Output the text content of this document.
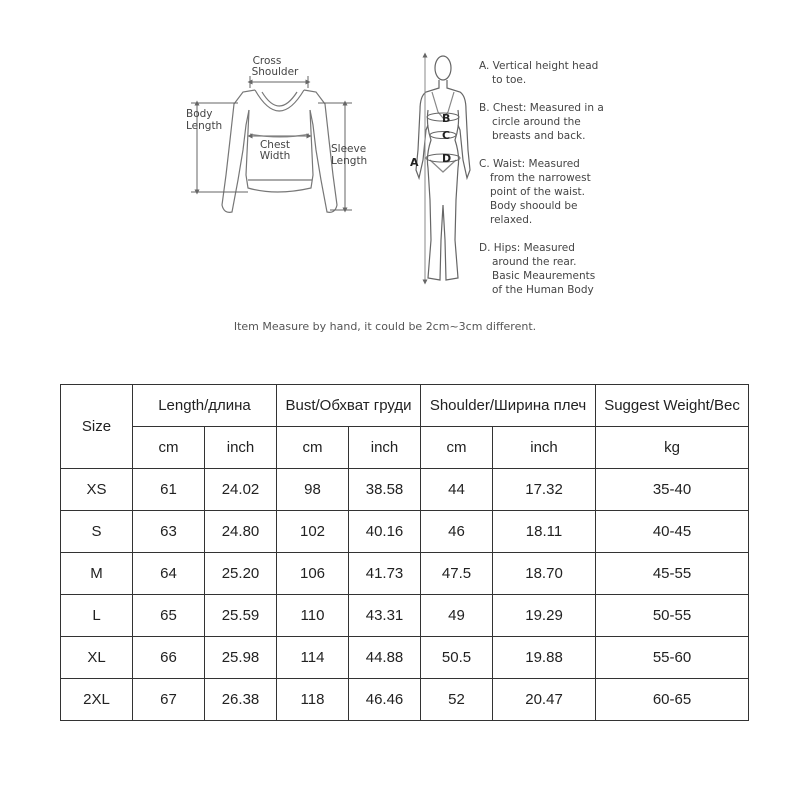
Cross
Shoulder
Body
Length
Chest
Width
Sleeve
Length	A
B
C
D
A. Vertical height head
to toe.
B. Chest: Measured in a
circle around the
breasts and back.
C. Waist: Measured
from the narrowest
point of the waist.
Body shoould be
relaxed.
D. Hips: Measured
around the rear.
Basic Meaurements
of the Human Body
Item Measure by hand, it could be 2cm~3cm different.
Size	Length/длина		Bust/Обхват груди		Shoulder/Ширина плеч		Suggest Weight/Вес
	cm	inch	cm	inch	cm	inch	kg
XS	61	24.02	98	38.58	44	17.32	35-40
S	63	24.80	102	40.16	46	18.11	40-45
M	64	25.20	106	41.73	47.5	18.70	45-55
L	65	25.59	110	43.31	49	19.29	50-55
XL	66	25.98	114	44.88	50.5	19.88	55-60
2XL	67	26.38	118	46.46	52	20.47	60-65
